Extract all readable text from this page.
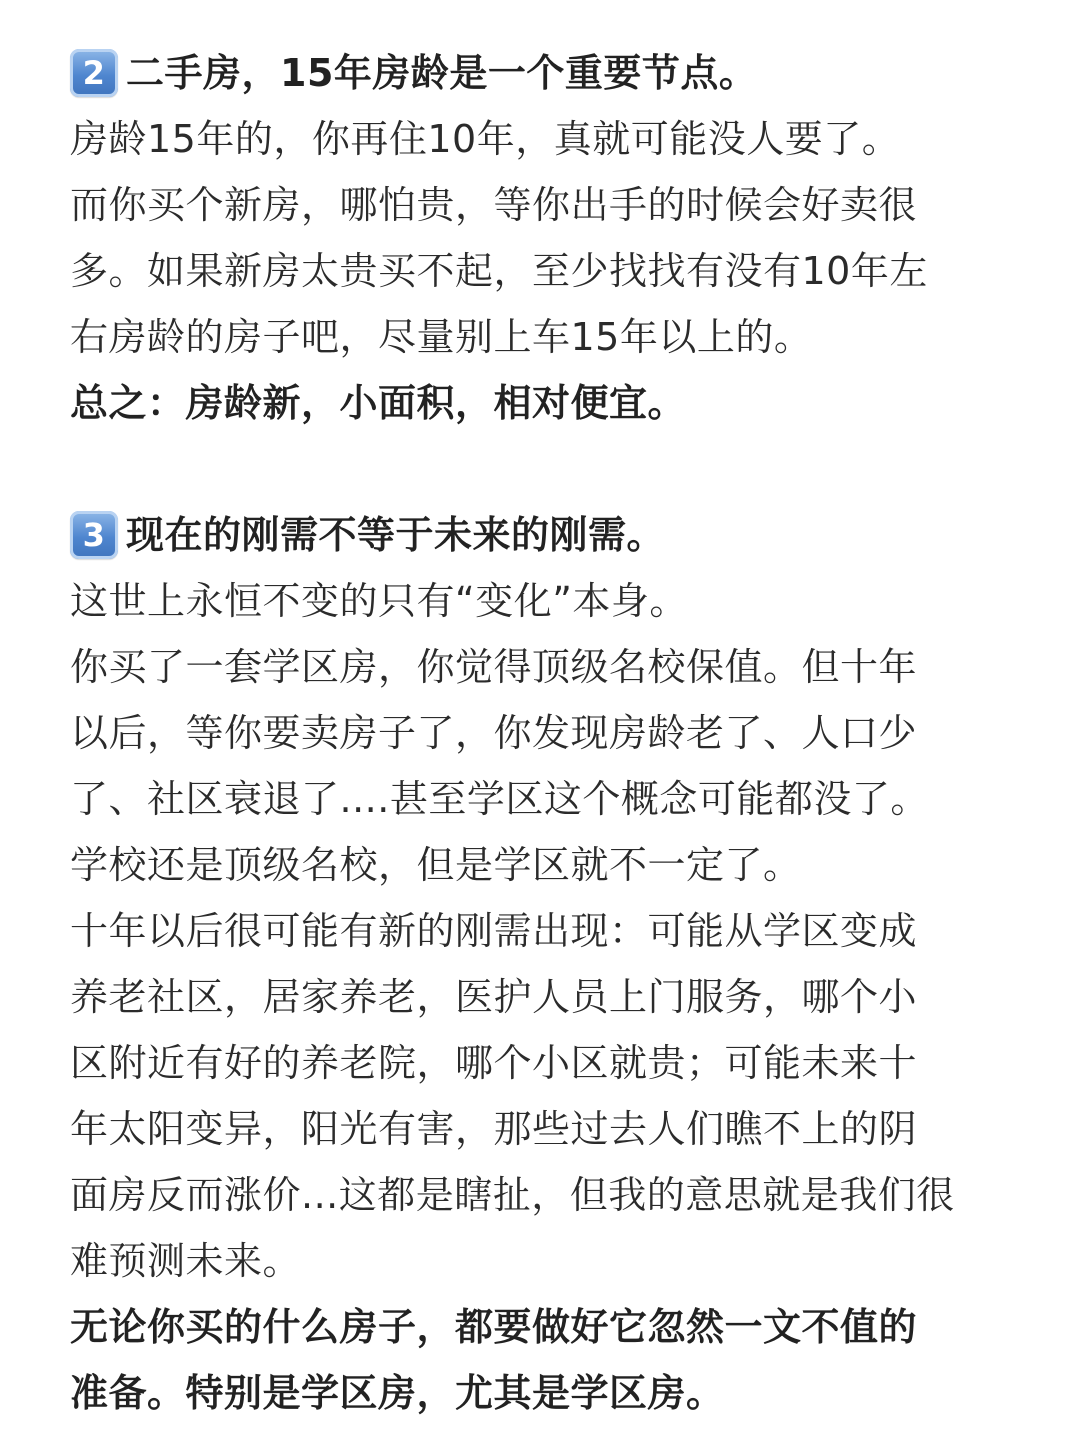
2 二手房，15年房龄是一个重要节点。
房龄15年的，你再住10年，真就可能没人要了。
而你买个新房，哪怕贵，等你出手的时候会好卖很
多。如果新房太贵买不起，至少找找有没有10年左
右房龄的房子吧，尽量别上车15年以上的。
总之：房龄新，小面积，相对便宜。
3 现在的刚需不等于未来的刚需。
这世上永恒不变的只有“变化”本身。
你买了一套学区房，你觉得顶级名校保值。但十年
以后，等你要卖房子了，你发现房龄老了、人口少
了、社区衰退了....甚至学区这个概念可能都没了。
学校还是顶级名校，但是学区就不一定了。
十年以后很可能有新的刚需出现：可能从学区变成
养老社区，居家养老，医护人员上门服务，哪个小
区附近有好的养老院，哪个小区就贵；可能未来十
年太阳变异，阳光有害，那些过去人们瞧不上的阴
面房反而涨价...这都是瞎扯，但我的意思就是我们很
难预测未来。
无论你买的什么房子，都要做好它忽然一文不值的
准备。特别是学区房，尤其是学区房。
